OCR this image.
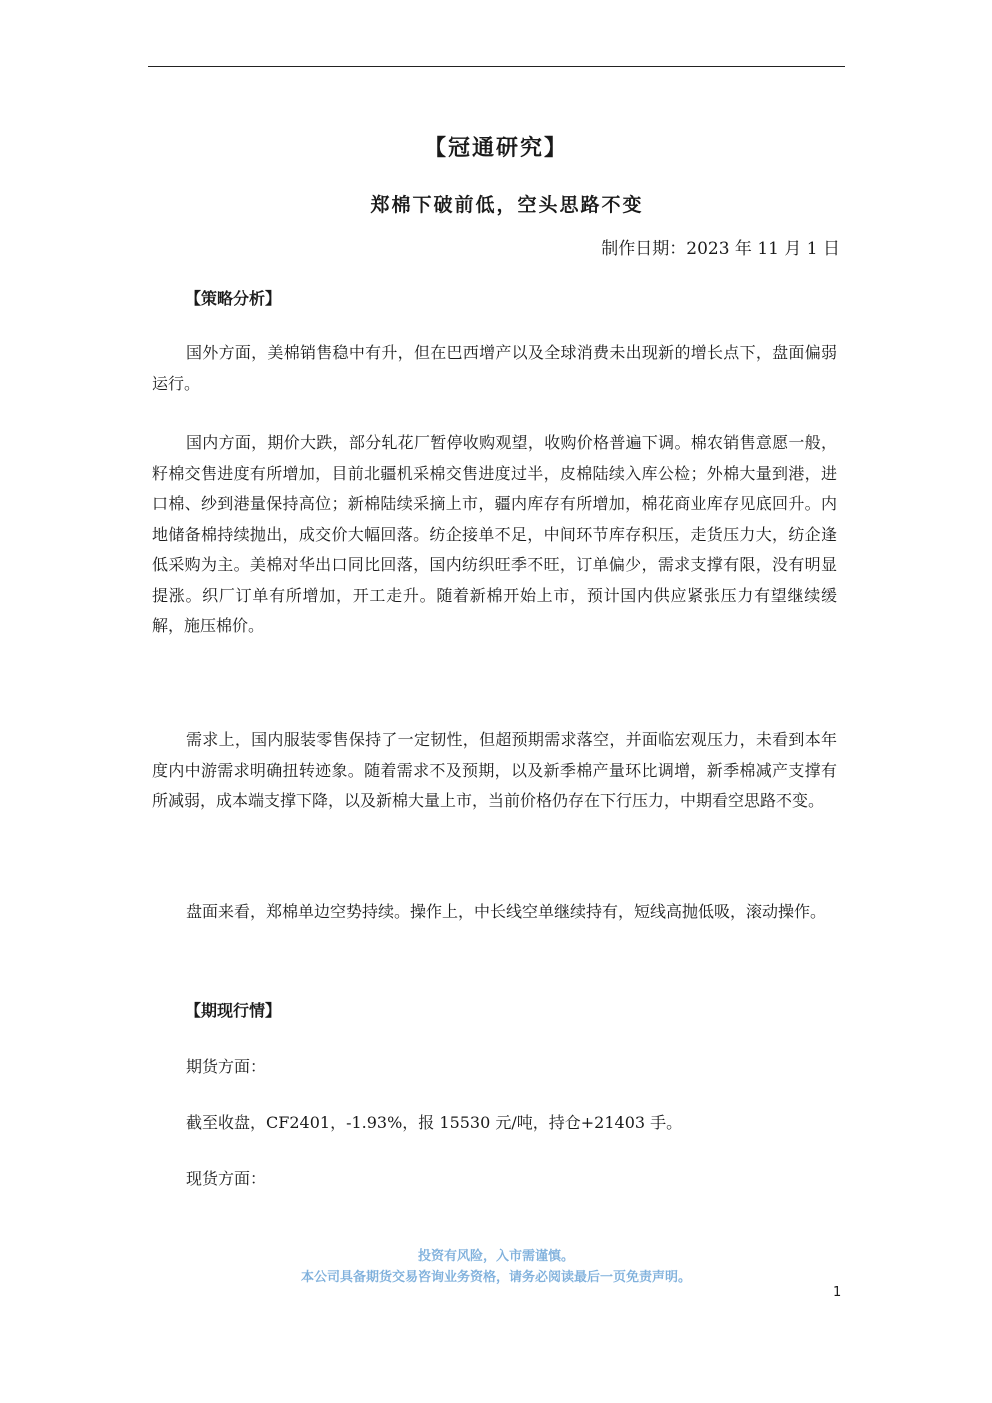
【冠通研究】
郑棉下破前低，空头思路不变
制作日期：2023 年 11 月 1 日
【策略分析】
国外方面，美棉销售稳中有升，但在巴西增产以及全球消费未出现新的增长点下，盘面偏弱运行。
国内方面，期价大跌，部分轧花厂暂停收购观望，收购价格普遍下调。棉农销售意愿一般，籽棉交售进度有所增加，目前北疆机采棉交售进度过半，皮棉陆续入库公检；外棉大量到港，进口棉、纱到港量保持高位；新棉陆续采摘上市，疆内库存有所增加，棉花商业库存见底回升。内地储备棉持续抛出，成交价大幅回落。纺企接单不足，中间环节库存积压，走货压力大，纺企逢低采购为主。美棉对华出口同比回落，国内纺织旺季不旺，订单偏少，需求支撑有限，没有明显提涨。织厂订单有所增加，开工走升。随着新棉开始上市，预计国内供应紧张压力有望继续缓解，施压棉价。
需求上，国内服装零售保持了一定韧性，但超预期需求落空，并面临宏观压力，未看到本年度内中游需求明确扭转迹象。随着需求不及预期，以及新季棉产量环比调增，新季棉减产支撑有所减弱，成本端支撑下降，以及新棉大量上市，当前价格仍存在下行压力，中期看空思路不变。
盘面来看，郑棉单边空势持续。操作上，中长线空单继续持有，短线高抛低吸，滚动操作。
【期现行情】
期货方面：
截至收盘，CF2401，-1.93%，报 15530 元/吨，持仓+21403 手。
现货方面：
投资有风险，入市需谨慎。
本公司具备期货交易咨询业务资格，请务必阅读最后一页免责声明。
1
